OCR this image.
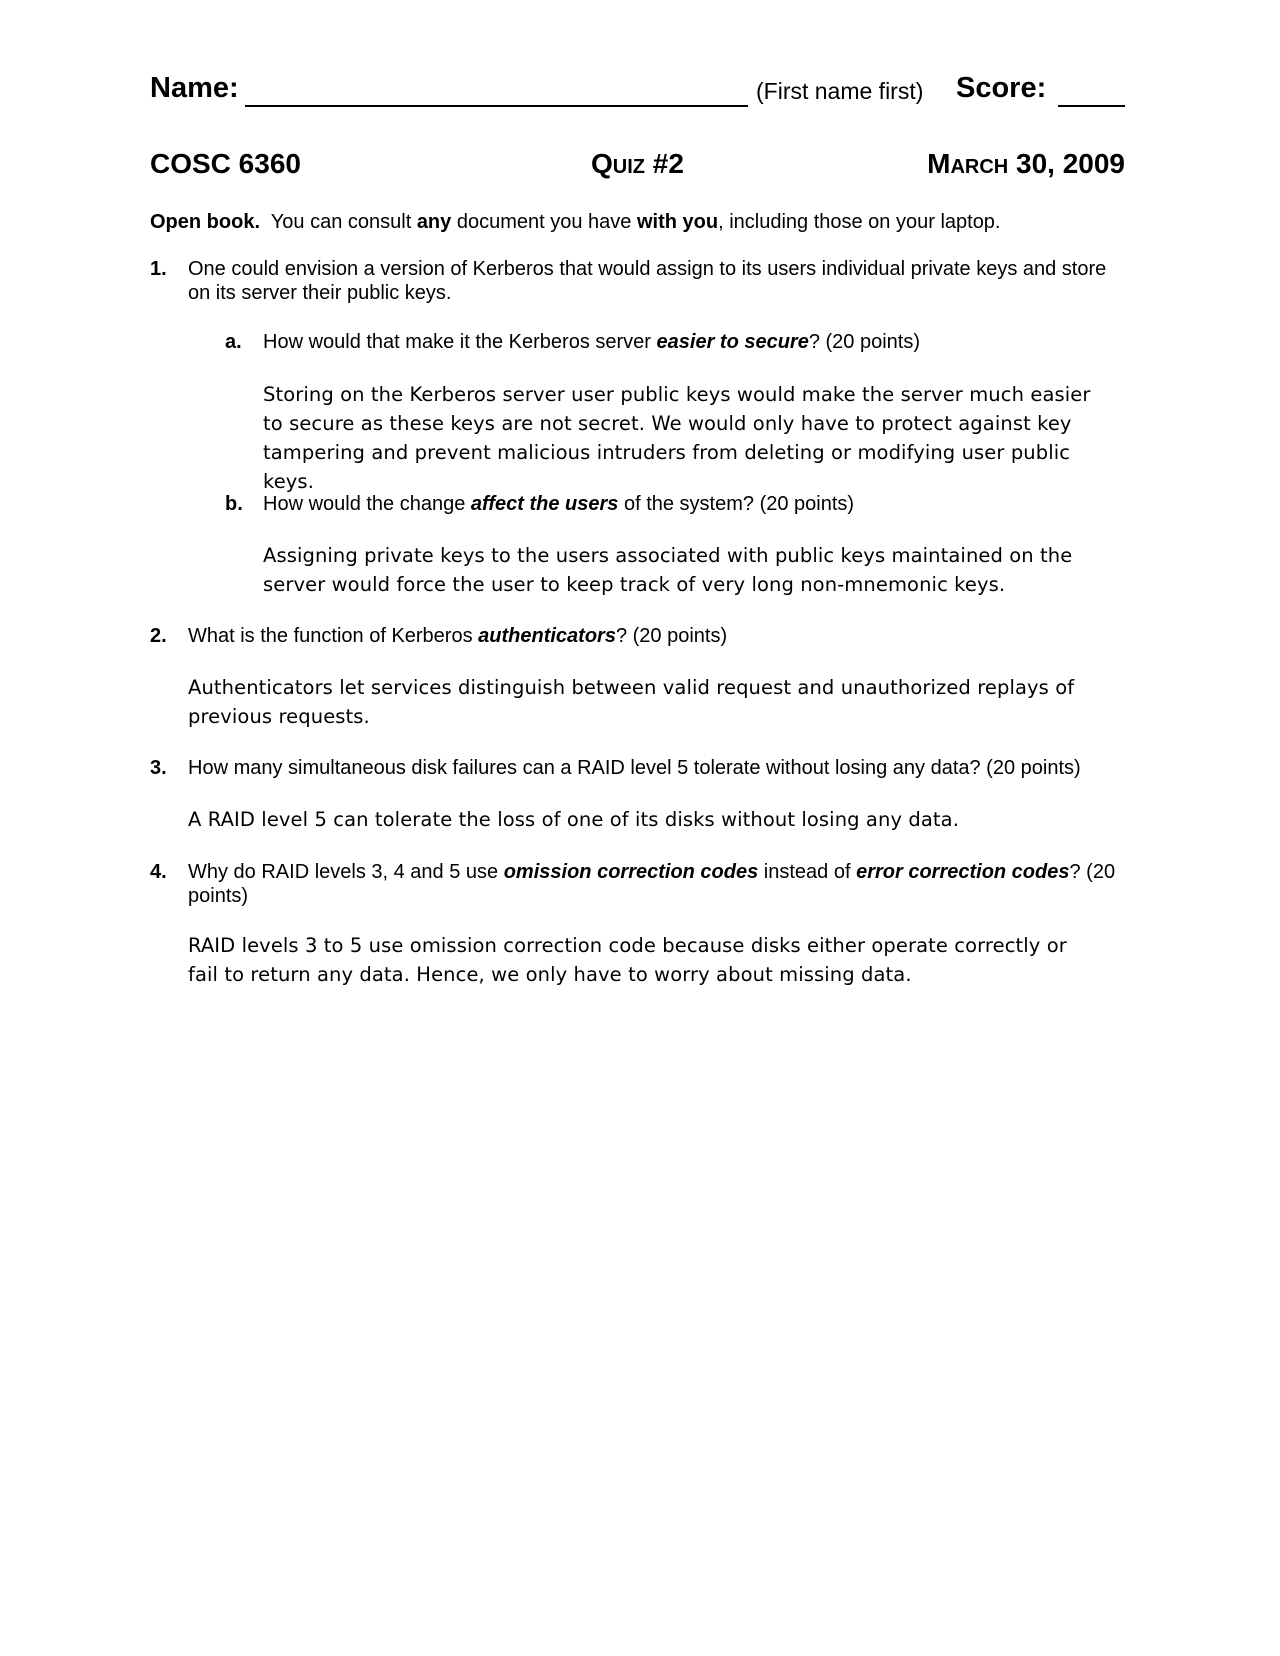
Name:	(First name first) Score:
COSC 6360	Quiz #2	March 30, 2009
Open book. You can consult any document you have with you, including those on your laptop.
1. One could envision a version of Kerberos that would assign to its users individual private keys and store on its server their public keys.
a. How would that make it the Kerberos server easier to secure? (20 points)
Storing on the Kerberos server user public keys would make the server much easier to secure as these keys are not secret. We would only have to protect against key tampering and prevent malicious intruders from deleting or modifying user public keys.
b. How would the change affect the users of the system? (20 points)
Assigning private keys to the users associated with public keys maintained on the server would force the user to keep track of very long non-mnemonic keys.
2. What is the function of Kerberos authenticators? (20 points)
Authenticators let services distinguish between valid request and unauthorized replays of previous requests.
3. How many simultaneous disk failures can a RAID level 5 tolerate without losing any data? (20 points)
A RAID level 5 can tolerate the loss of one of its disks without losing any data.
4. Why do RAID levels 3, 4 and 5 use omission correction codes instead of error correction codes? (20 points)
RAID levels 3 to 5 use omission correction code because disks either operate correctly or fail to return any data. Hence, we only have to worry about missing data.
